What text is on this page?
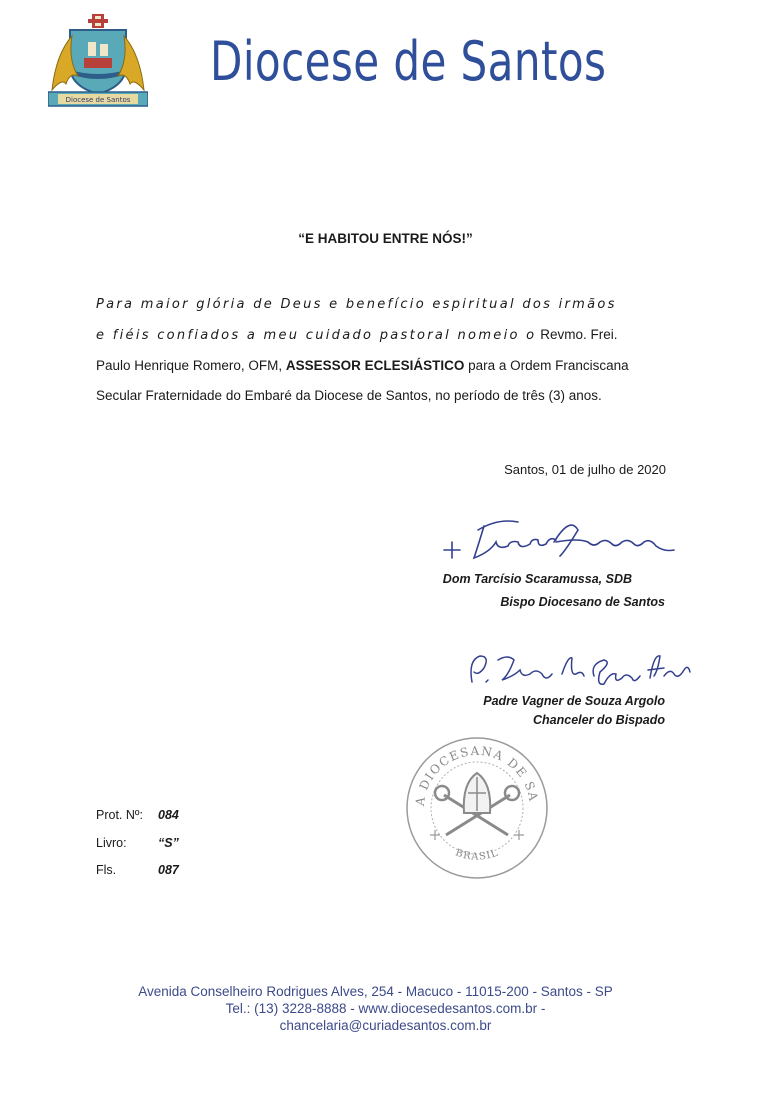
Diocese de Santos
Diocese de Santos
“E HABITOU ENTRE NÓS!”
Para maior glória de Deus e benefício espiritual dos irmãos
e fiéis confiados a meu cuidado pastoral nomeio o Revmo. Frei.
Paulo Henrique Romero, OFM, ASSESSOR ECLESIÁSTICO para a Ordem Franciscana
Secular Fraternidade do Embaré da Diocese de Santos, no período de três (3) anos.
Santos, 01 de julho de 2020
Dom Tarcísio Scaramussa, SDB
Bispo Diocesano de Santos
Padre Vagner de Souza Argolo
Chanceler do Bispado
A DIOCESANA DE SA
BRASIL
Prot. Nº: 084
Livro:	“S”
Fls.	087
Avenida Conselheiro Rodrigues Alves, 254 - Macuco - 11015-200 - Santos - SP
Tel.: (13) 3228-8888 - www.diocesedesantos.com.br -
chancelaria@curiadesantos.com.br
